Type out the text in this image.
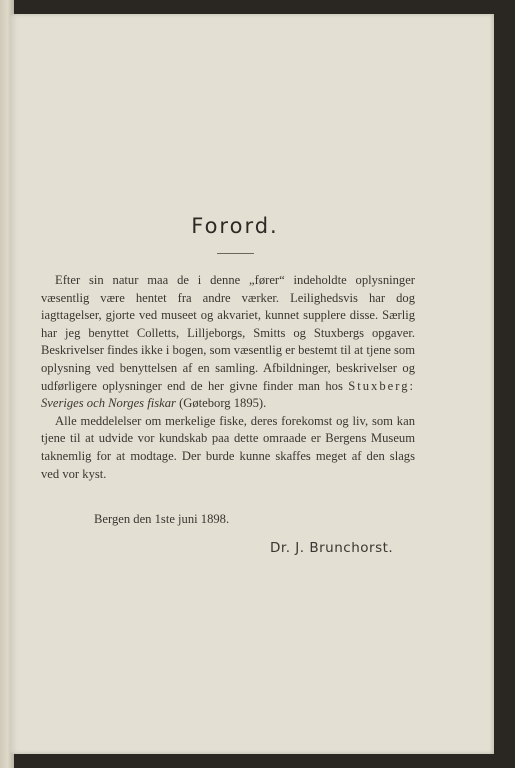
Forord.

Efter sin natur maa de i denne „fører“ indeholdte oplysninger væsentlig være hentet fra andre værker. Leilighedsvis har dog iagttagelser, gjorte ved museet og akvariet, kunnet supplere disse. Særlig har jeg benyttet Colletts, Lilljeborgs, Smitts og Stuxbergs opgaver. Beskrivelser findes ikke i bogen, som væsentlig er bestemt til at tjene som oplysning ved benyttelsen af en samling. Afbildninger, beskrivelser og udførligere oplysninger end de her givne finder man hos Stuxberg: Sveriges och Norges fiskar (Gøteborg 1895).

Alle meddelelser om merkelige fiske, deres forekomst og liv, som kan tjene til at udvide vor kundskab paa dette omraade er Bergens Museum taknemlig for at modtage. Der burde kunne skaffes meget af den slags ved vor kyst.

Bergen den 1ste juni 1898.
Dr. J. Brunchorst.
